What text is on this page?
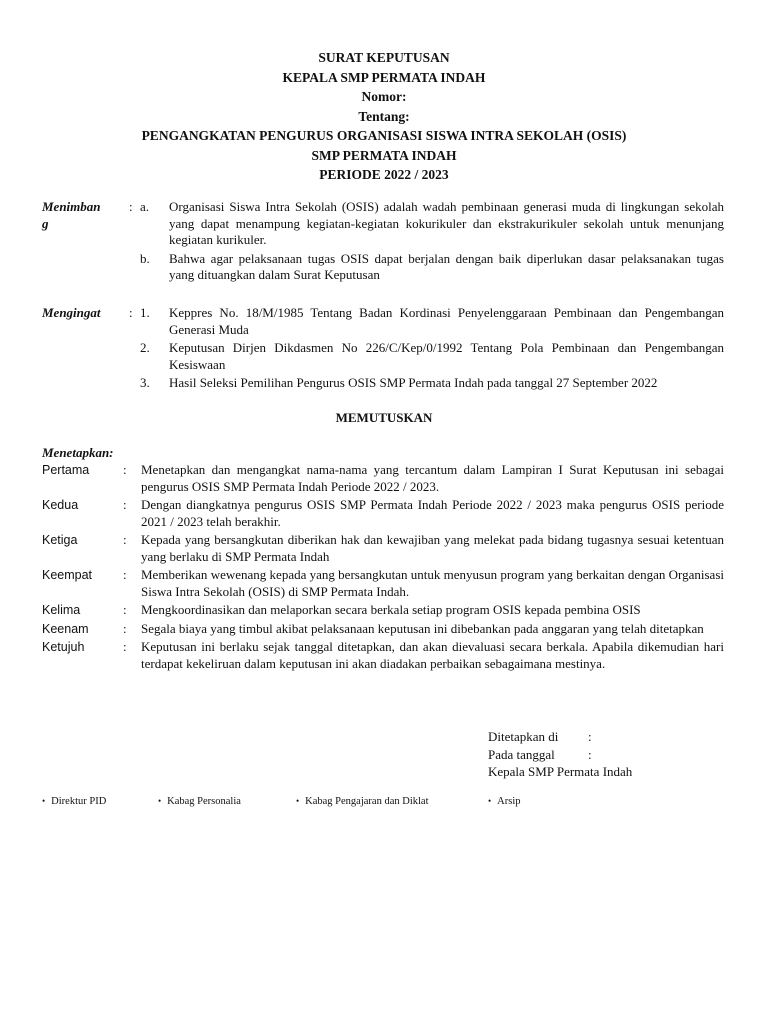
SURAT KEPUTUSAN
KEPALA SMP PERMATA INDAH
Nomor:
Tentang:
PENGANGKATAN PENGURUS ORGANISASI SISWA INTRA SEKOLAH (OSIS)
SMP PERMATA INDAH
PERIODE 2022 / 2023
Menimban
g
: a.	Organisasi Siswa Intra Sekolah (OSIS) adalah wadah pembinaan generasi muda di lingkungan sekolah yang dapat menampung kegiatan-kegiatan kokurikuler dan ekstrakurikuler sekolah untuk menunjang kegiatan kurikuler.
b.	Bahwa agar pelaksanaan tugas OSIS dapat berjalan dengan baik diperlukan dasar pelaksanakan tugas yang dituangkan dalam Surat Keputusan
Mengingat	: 1.	Keppres No. 18/M/1985 Tentang Badan Kordinasi Penyelenggaraan Pembinaan dan Pengembangan Generasi Muda
2.	Keputusan Dirjen Dikdasmen No 226/C/Kep/0/1992 Tentang Pola Pembinaan dan Pengembangan Kesiswaan
3.	Hasil Seleksi Pemilihan Pengurus OSIS SMP Permata Indah pada tanggal 27 September 2022
MEMUTUSKAN
Menetapkan:
Pertama	: Menetapkan dan mengangkat nama-nama yang tercantum dalam Lampiran I Surat Keputusan ini sebagai pengurus OSIS SMP Permata Indah Periode 2022 / 2023.
Kedua	: Dengan diangkatnya pengurus OSIS SMP Permata Indah Periode 2022 / 2023 maka pengurus OSIS periode 2021 / 2023 telah berakhir.
Ketiga	: Kepada yang bersangkutan diberikan hak dan kewajiban yang melekat pada bidang tugasnya sesuai ketentuan yang berlaku di SMP Permata Indah
Keempat	: Memberikan wewenang kepada yang bersangkutan untuk menyusun program yang berkaitan dengan Organisasi Siswa Intra Sekolah (OSIS) di SMP Permata Indah.
Kelima	: Mengkoordinasikan dan melaporkan secara berkala setiap program OSIS kepada pembina OSIS
Keenam	: Segala biaya yang timbul akibat pelaksanaan keputusan ini dibebankan pada anggaran yang telah ditetapkan
Ketujuh	: Keputusan ini berlaku sejak tanggal ditetapkan, dan akan dievaluasi secara berkala. Apabila dikemudian hari terdapat kekeliruan dalam keputusan ini akan diadakan perbaikan sebagaimana mestinya.
Ditetapkan di :
Pada tanggal	:
Kepala SMP Permata Indah
• Direktur PID	• Kabag Personalia	• Kabag Pengajaran dan Diklat	• Arsip
